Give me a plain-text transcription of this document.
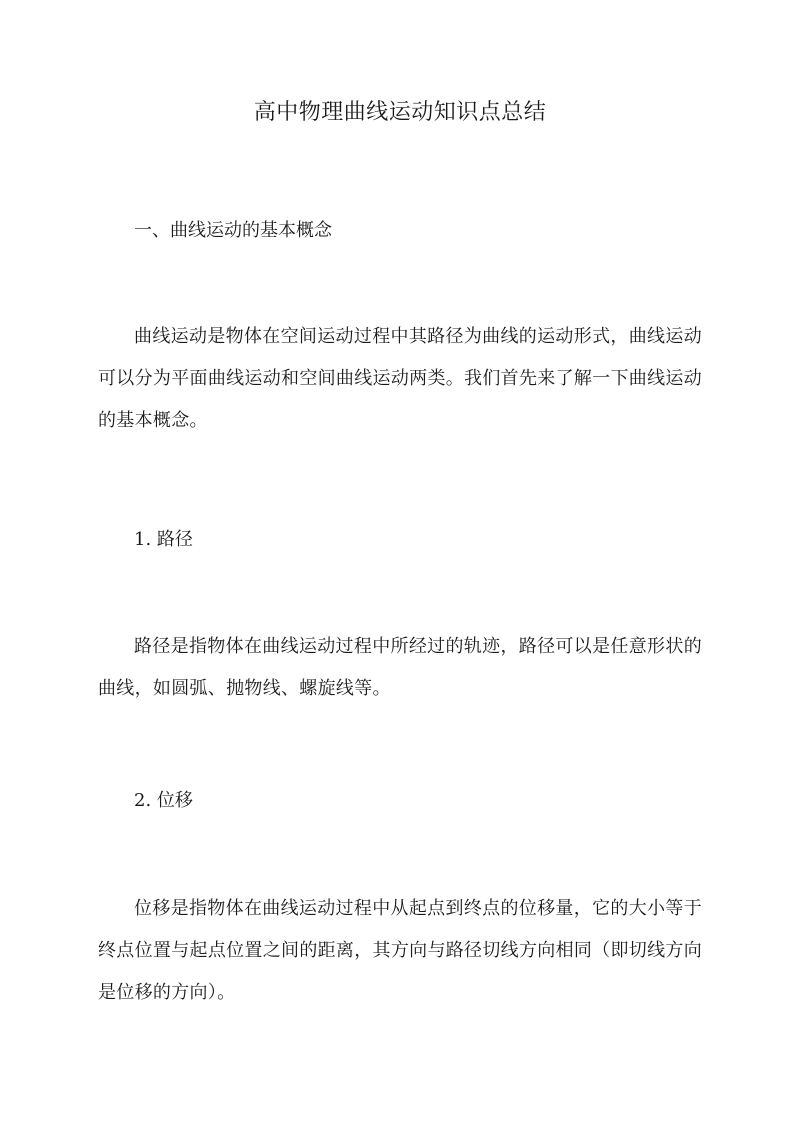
高中物理曲线运动知识点总结
一、曲线运动的基本概念

曲线运动是物体在空间运动过程中其路径为曲线的运动形式，曲线运动可以分为平面曲线运动和空间曲线运动两类。我们首先来了解一下曲线运动的基本概念。

1. 路径

路径是指物体在曲线运动过程中所经过的轨迹，路径可以是任意形状的曲线，如圆弧、抛物线、螺旋线等。

2. 位移

位移是指物体在曲线运动过程中从起点到终点的位移量，它的大小等于终点位置与起点位置之间的距离，其方向与路径切线方向相同（即切线方向是位移的方向）。
